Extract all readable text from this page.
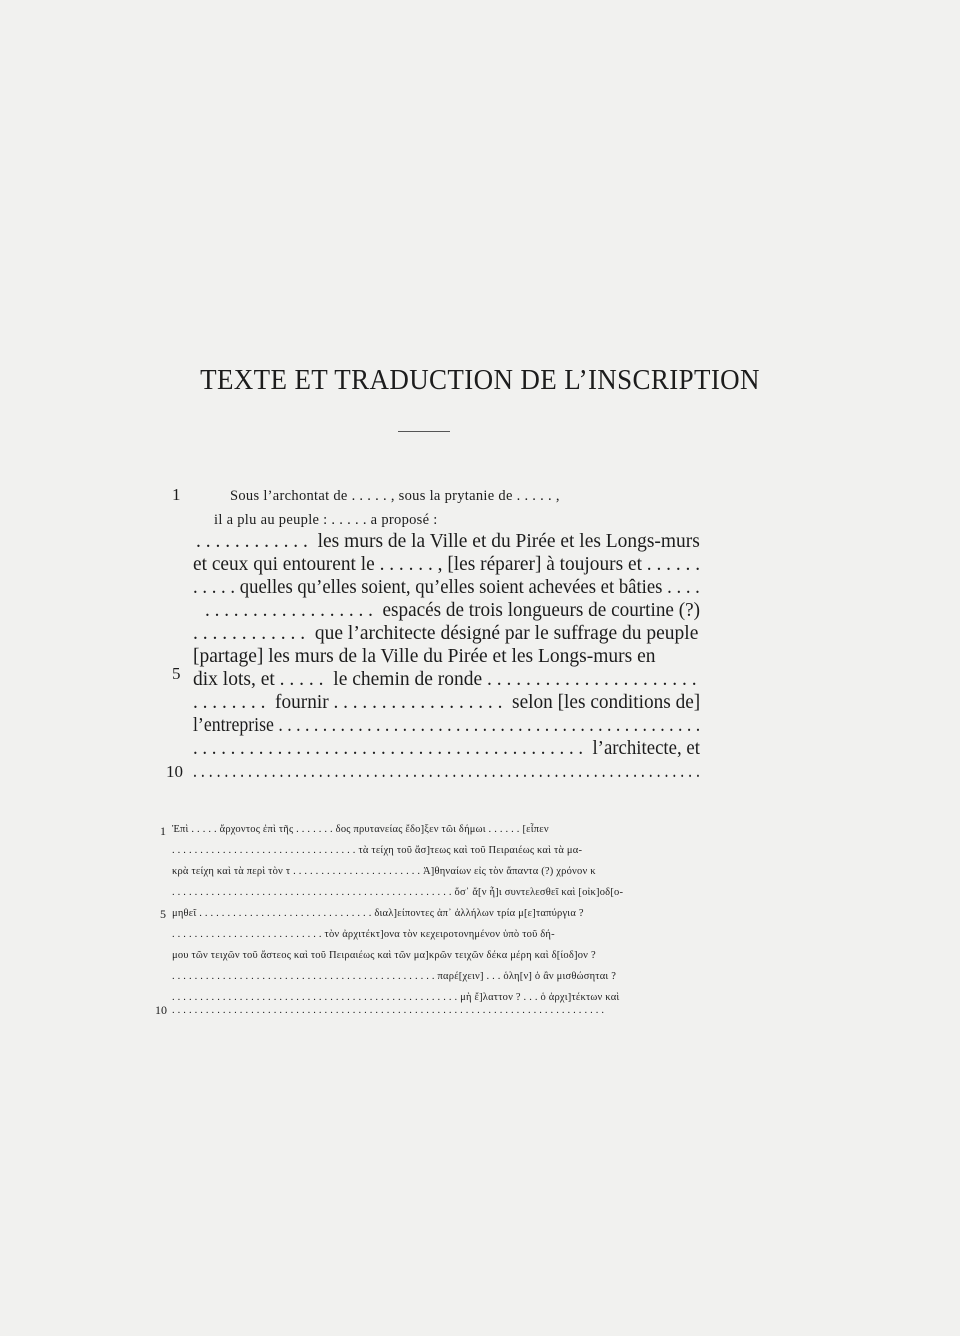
TEXTE ET TRADUCTION DE L’INSCRIPTION
1
5
10
Sous l’archontat de . . . . . , sous la prytanie de . . . . . ,
il a plu au peuple : . . . . . a proposé :
. . . . . . . . . . . .  les murs de la Ville et du Pirée et les Longs-murs
et ceux qui entourent le . . . . . . , [les réparer] à toujours et . . . . . .
. . . . . quelles qu’elles soient, qu’elles soient achevées et bâties . . . .
. . . . . . . . . . . . . . . . . .  espacés de trois longueurs de courtine (?)
. . . . . . . . . . . .  que l’architecte désigné par le suffrage du peuple
[partage] les murs de la Ville du Pirée et les Longs-murs en
dix lots, et . . . . .  le chemin de ronde . . . . . . . . . . . . . . . . . . . . . .
. . . . . . . .  fournir . . . . . . . . . . . . . . . . . .  selon [les conditions de]
l’entreprise . . . . . . . . . . . . . . . . . . . . . . . . . . . . . . . . . . . . . . . . . . . . . . . .
. . . . . . . . . . . . . . . . . . . . . . . . . . . . . . . . . . . . . . . . . .  l’architecte, et
. . . . . . . . . . . . . . . . . . . . . . . . . . . . . . . . . . . . . . . . . . . . . . . . . . . . . . . . . . . . . . . . .
1
5
10
Ἐπὶ . . . . . ἄρχοντος ἐπὶ τῆς . . . . . . . δος πρυτανείας ἔδο]ξεν τῶι δήμωι . . . . . . [εἶπεν
. . . . . . . . . . . . . . . . . . . . . . . . . . . . . . . . . τὰ τείχη τοῦ ἄσ]τεως καὶ τοῦ Πειραιέως καὶ τὰ μα-
κρὰ τείχη καὶ τὰ περὶ τὸν τ . . . . . . . . . . . . . . . . . . . . . . . Ἀ]θηναίων εἰς τὸν ἅπαντα (?) χρόνον κ
. . . . . . . . . . . . . . . . . . . . . . . . . . . . . . . . . . . . . . . . . . . . . . . . . . ὅσ᾽ ἄ[ν ἦ]ι συντελεσθεῖ καὶ [οἰκ]οδ[ο-
μηθεῖ . . . . . . . . . . . . . . . . . . . . . . . . . . . . . . . διαλ]είποντες ἀπ᾽ ἀλλήλων τρία μ[ε]ταπύργια ?
. . . . . . . . . . . . . . . . . . . . . . . . . . . τὸν ἀρχιτέκτ]ονα τὸν κεχειροτονημένον ὑπὸ τοῦ δή-
μου τῶν τειχῶν τοῦ ἄστεος καὶ τοῦ Πειραιέως καὶ τῶν μα]κρῶν τειχῶν δέκα μέρη καὶ δ[ίοδ]ον ?
. . . . . . . . . . . . . . . . . . . . . . . . . . . . . . . . . . . . . . . . . . . . . . . παρέ[χειν] . . . ὁλη[ν] ὁ ἂν μισθώσηται ?
. . . . . . . . . . . . . . . . . . . . . . . . . . . . . . . . . . . . . . . . . . . . . . . . . . . μὴ ἔ]λαττον ? . . . ὁ ἀρχι]τέκτων καὶ
. . . . . . . . . . . . . . . . . . . . . . . . . . . . . . . . . . . . . . . . . . . . . . . . . . . . . . . . . . . . . . . . . . . . . . . . . . . . .
